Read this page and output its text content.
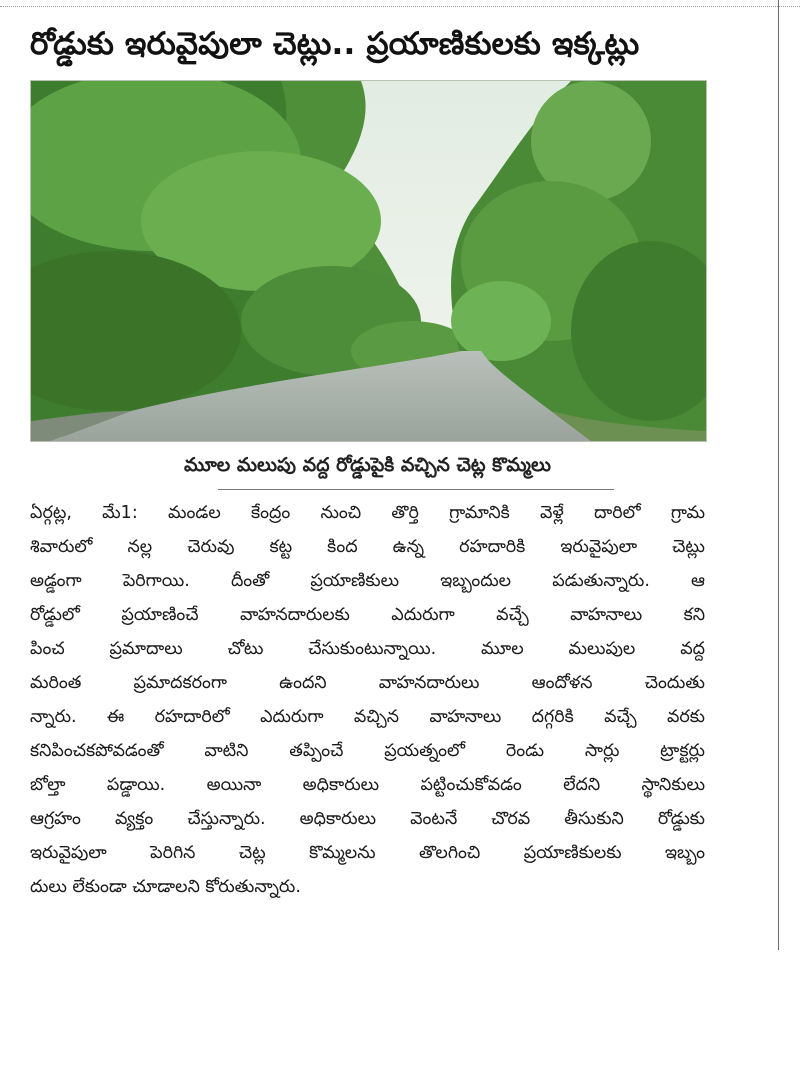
రోడ్డుకు ఇరువైపులా చెట్లు.. ప్రయాణికులకు ఇక్కట్లు
మూల మలుపు వద్ద రోడ్డుపైకి వచ్చిన చెట్ల కొమ్మలు
ఏర్గట్ల, మే1: మండల కేంద్రం నుంచి తొర్తి గ్రామానికి వెళ్లే దారిలో గ్రామ
శివారులో నల్ల చెరువు కట్ట కింద ఉన్న రహదారికి ఇరువైపులా చెట్లు
అడ్డంగా పెరిగాయి. దీంతో ప్రయాణికులు ఇబ్బందుల పడుతున్నారు. ఆ
రోడ్డులో ప్రయాణించే వాహనదారులకు ఎదురుగా వచ్చే వాహనాలు కని
పించ ప్రమాదాలు చోటు చేసుకుంటున్నాయి. మూల మలుపుల వద్ద
మరింత ప్రమాదకరంగా ఉందని వాహనదారులు ఆందోళన చెందుతు
న్నారు. ఈ రహదారిలో ఎదురుగా వచ్చిన వాహనాలు దగ్గరికి వచ్చే వరకు
కనిపించకపోవడంతో వాటిని తప్పించే ప్రయత్నంలో రెండు సార్లు ట్రాక్టర్లు
బోల్తా పడ్డాయి. అయినా అధికారులు పట్టించుకోవడం లేదని స్థానికులు
ఆగ్రహం వ్యక్తం చేస్తున్నారు. అధికారులు వెంటనే చొరవ తీసుకుని రోడ్డుకు
ఇరువైపులా పెరిగిన చెట్ల కొమ్మలను తొలగించి ప్రయాణికులకు ఇబ్బం
దులు లేకుండా చూడాలని కోరుతున్నారు.
